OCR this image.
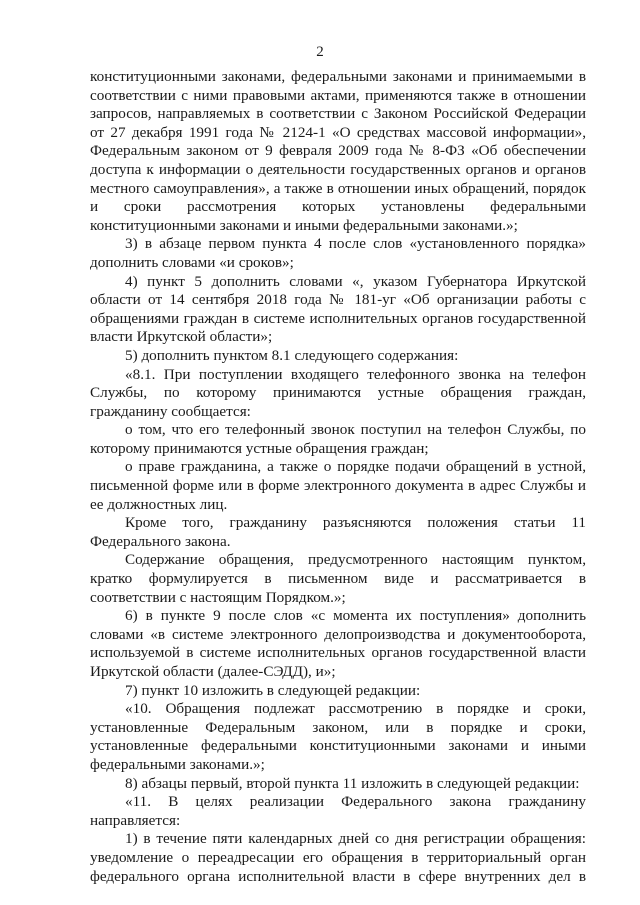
2

конституционными законами, федеральными законами и принимаемыми в соответствии с ними правовыми актами, применяются также в отношении запросов, направляемых в соответствии с Законом Российской Федерации от 27 декабря 1991 года № 2124-1 «О средствах массовой информации», Федеральным законом от 9 февраля 2009 года № 8-ФЗ «Об обеспечении доступа к информации о деятельности государственных органов и органов местного самоуправления», а также в отношении иных обращений, порядок и сроки рассмотрения которых установлены федеральными конституционными законами и иными федеральными законами.»;

3) в абзаце первом пункта 4 после слов «установленного порядка» дополнить словами «и сроков»;

4) пункт 5 дополнить словами «, указом Губернатора Иркутской области от 14 сентября 2018 года № 181-уг «Об организации работы с обращениями граждан в системе исполнительных органов государственной власти Иркутской области»;

5) дополнить пунктом 8.1 следующего содержания:

«8.1. При поступлении входящего телефонного звонка на телефон Службы, по которому принимаются устные обращения граждан, гражданину сообщается:

о том, что его телефонный звонок поступил на телефон Службы, по которому принимаются устные обращения граждан;

о праве гражданина, а также о порядке подачи обращений в устной, письменной форме или в форме электронного документа в адрес Службы и ее должностных лиц.

Кроме того, гражданину разъясняются положения статьи 11 Федерального закона.

Содержание обращения, предусмотренного настоящим пунктом, кратко формулируется в письменном виде и рассматривается в соответствии с настоящим Порядком.»;

6) в пункте 9 после слов «с момента их поступления» дополнить словами «в системе электронного делопроизводства и документооборота, используемой в системе исполнительных органов государственной власти Иркутской области (далее-СЭДД), и»;

7) пункт 10 изложить в следующей редакции:

«10. Обращения подлежат рассмотрению в порядке и сроки, установленные Федеральным законом, или в порядке и сроки, установленные федеральными конституционными законами и иными федеральными законами.»;

8) абзацы первый, второй пункта 11 изложить в следующей редакции:

«11. В целях реализации Федерального закона гражданину направляется:

1) в течение пяти календарных дней со дня регистрации обращения: уведомление о переадресации его обращения в территориальный орган федерального органа исполнительной власти в сфере внутренних дел в
